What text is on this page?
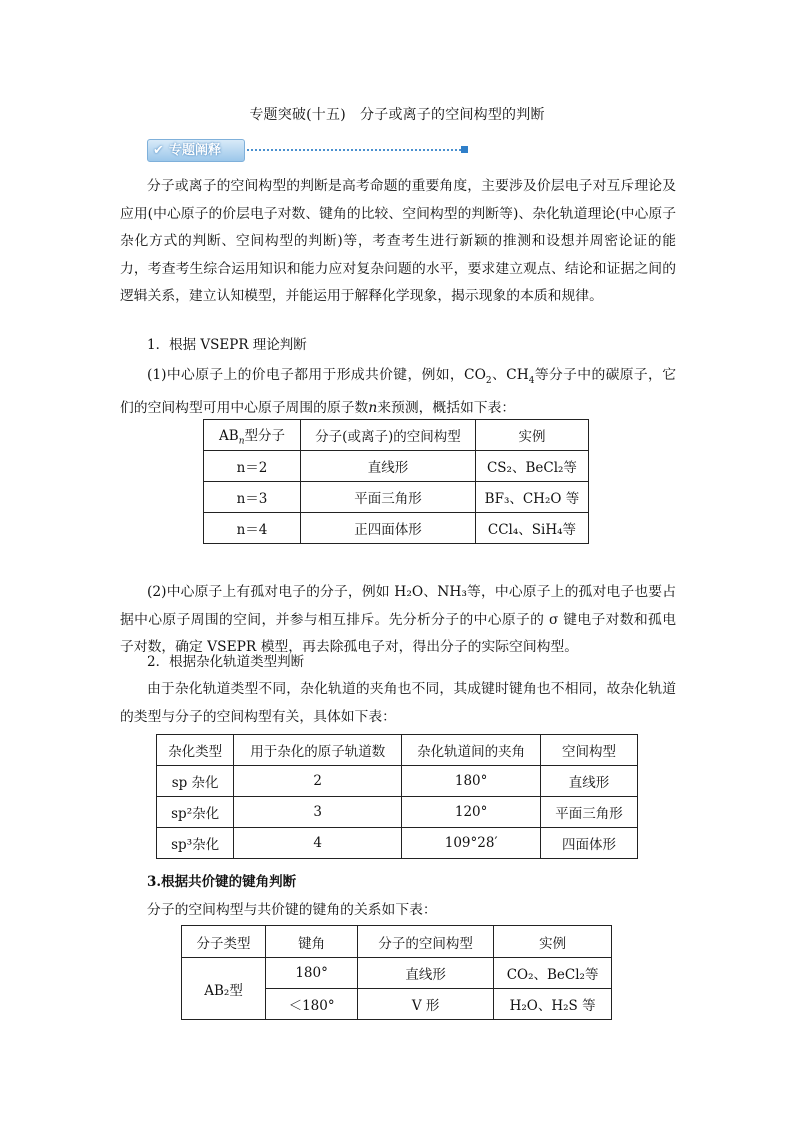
专题突破(十五)　分子或离子的空间构型的判断
✔ 专题阐释
分子或离子的空间构型的判断是高考命题的重要角度，主要涉及价层电子对互斥理论及应用(中心原子的价层电子对数、键角的比较、空间构型的判断等)、杂化轨道理论(中心原子杂化方式的判断、空间构型的判断)等，考查考生进行新颖的推测和设想并周密论证的能力，考查考生综合运用知识和能力应对复杂问题的水平，要求建立观点、结论和证据之间的逻辑关系，建立认知模型，并能运用于解释化学现象，揭示现象的本质和规律。
1．根据 VSEPR 理论判断
(1)中心原子上的价电子都用于形成共价键，例如，$CO_2$、$CH_4$等分子中的碳原子，它们的空间构型可用中心原子周围的原子数n来预测，概括如下表：
$AB_n$型分子	分子(或离子)的空间构型	实例
n＝2	直线形	CS₂、BeCl₂等
n＝3	平面三角形	BF₃、CH₂O 等
n＝4	正四面体形	CCl₄、SiH₄等
(2)中心原子上有孤对电子的分子，例如 H₂O、NH₃等，中心原子上的孤对电子也要占据中心原子周围的空间，并参与相互排斥。先分析分子的中心原子的 σ 键电子对数和孤电子对数，确定 VSEPR 模型，再去除孤电子对，得出分子的实际空间构型。
2．根据杂化轨道类型判断
由于杂化轨道类型不同，杂化轨道的夹角也不同，其成键时键角也不相同，故杂化轨道的类型与分子的空间构型有关，具体如下表：
杂化类型	用于杂化的原子轨道数	杂化轨道间的夹角	空间构型
sp 杂化	2	180°	直线形
sp²杂化	3	120°	平面三角形
sp³杂化	4	109°28′	四面体形
3.根据共价键的键角判断
分子的空间构型与共价键的键角的关系如下表：
分子类型	键角	分子的空间构型	实例
AB₂型	180°	直线形	CO₂、BeCl₂等
	＜180°	V 形	H₂O、H₂S 等
